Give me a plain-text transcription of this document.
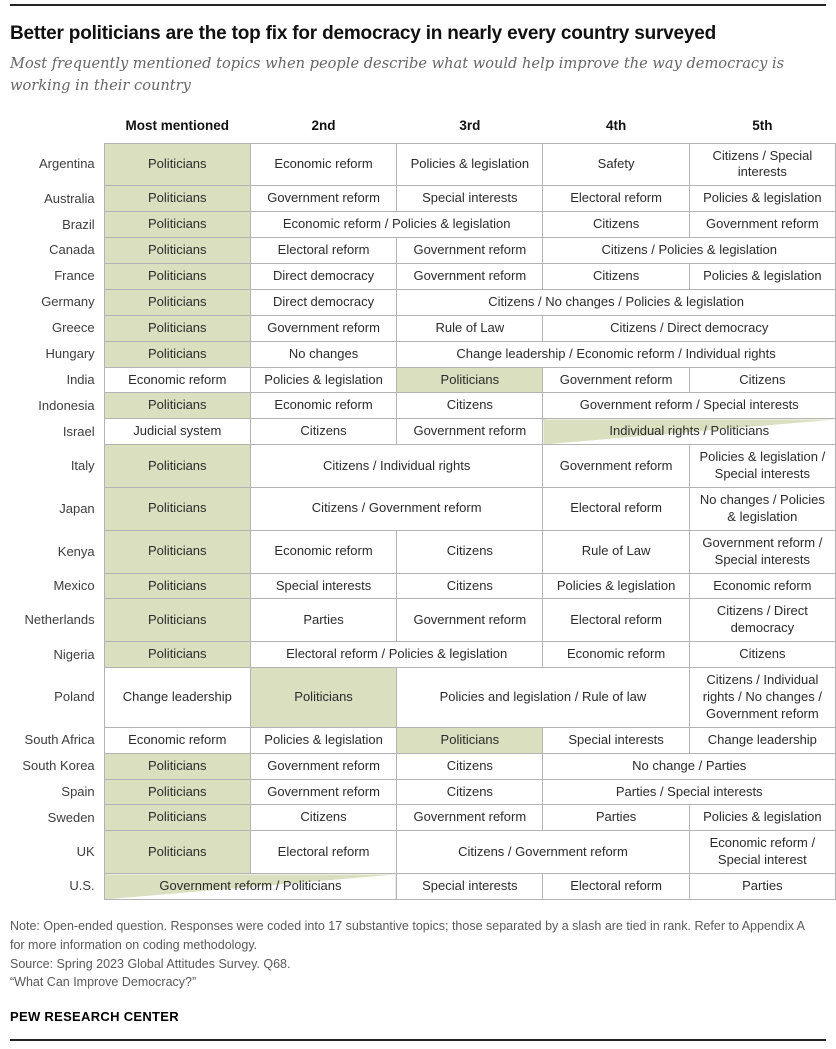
Better politicians are the top fix for democracy in nearly every country surveyed

Most frequently mentioned topics when people describe what would help improve the way democracy is working in their country

	Most mentioned	2nd	3rd	4th	5th
Argentina	Politicians	Economic reform	Policies & legislation	Safety	Citizens / Special interests
Australia	Politicians	Government reform	Special interests	Electoral reform	Policies & legislation
Brazil	Politicians	Economic reform / Policies & legislation		Citizens	Government reform
Canada	Politicians	Electoral reform	Government reform	Citizens / Policies & legislation	
France	Politicians	Direct democracy	Government reform	Citizens	Policies & legislation
Germany	Politicians	Direct democracy	Citizens / No changes / Policies & legislation		
Greece	Politicians	Government reform	Rule of Law	Citizens / Direct democracy	
Hungary	Politicians	No changes	Change leadership / Economic reform / Individual rights		
India	Economic reform	Policies & legislation	Politicians	Government reform	Citizens
Indonesia	Politicians	Economic reform	Citizens	Government reform / Special interests	
Israel	Judicial system	Citizens	Government reform	Individual rights / Politicians	
Italy	Politicians	Citizens / Individual rights		Government reform	Policies & legislation / Special interests
Japan	Politicians	Citizens / Government reform		Electoral reform	No changes / Policies & legislation
Kenya	Politicians	Economic reform	Citizens	Rule of Law	Government reform / Special interests
Mexico	Politicians	Special interests	Citizens	Policies & legislation	Economic reform
Netherlands	Politicians	Parties	Government reform	Electoral reform	Citizens / Direct democracy
Nigeria	Politicians	Electoral reform / Policies & legislation		Economic reform	Citizens
Poland	Change leadership	Politicians	Policies and legislation / Rule of law		Citizens / Individual rights / No changes / Government reform
South Africa	Economic reform	Policies & legislation	Politicians	Special interests	Change leadership
South Korea	Politicians	Government reform	Citizens	No change / Parties	
Spain	Politicians	Government reform	Citizens	Parties / Special interests	
Sweden	Politicians	Citizens	Government reform	Parties	Policies & legislation
UK	Politicians	Electoral reform	Citizens / Government reform		Economic reform / Special interest
U.S.	Government reform / Politicians		Special interests	Electoral reform	Parties

Note: Open-ended question. Responses were coded into 17 substantive topics; those separated by a slash are tied in rank. Refer to Appendix A for more information on coding methodology.

Source: Spring 2023 Global Attitudes Survey. Q68.

“What Can Improve Democracy?”

PEW RESEARCH CENTER
